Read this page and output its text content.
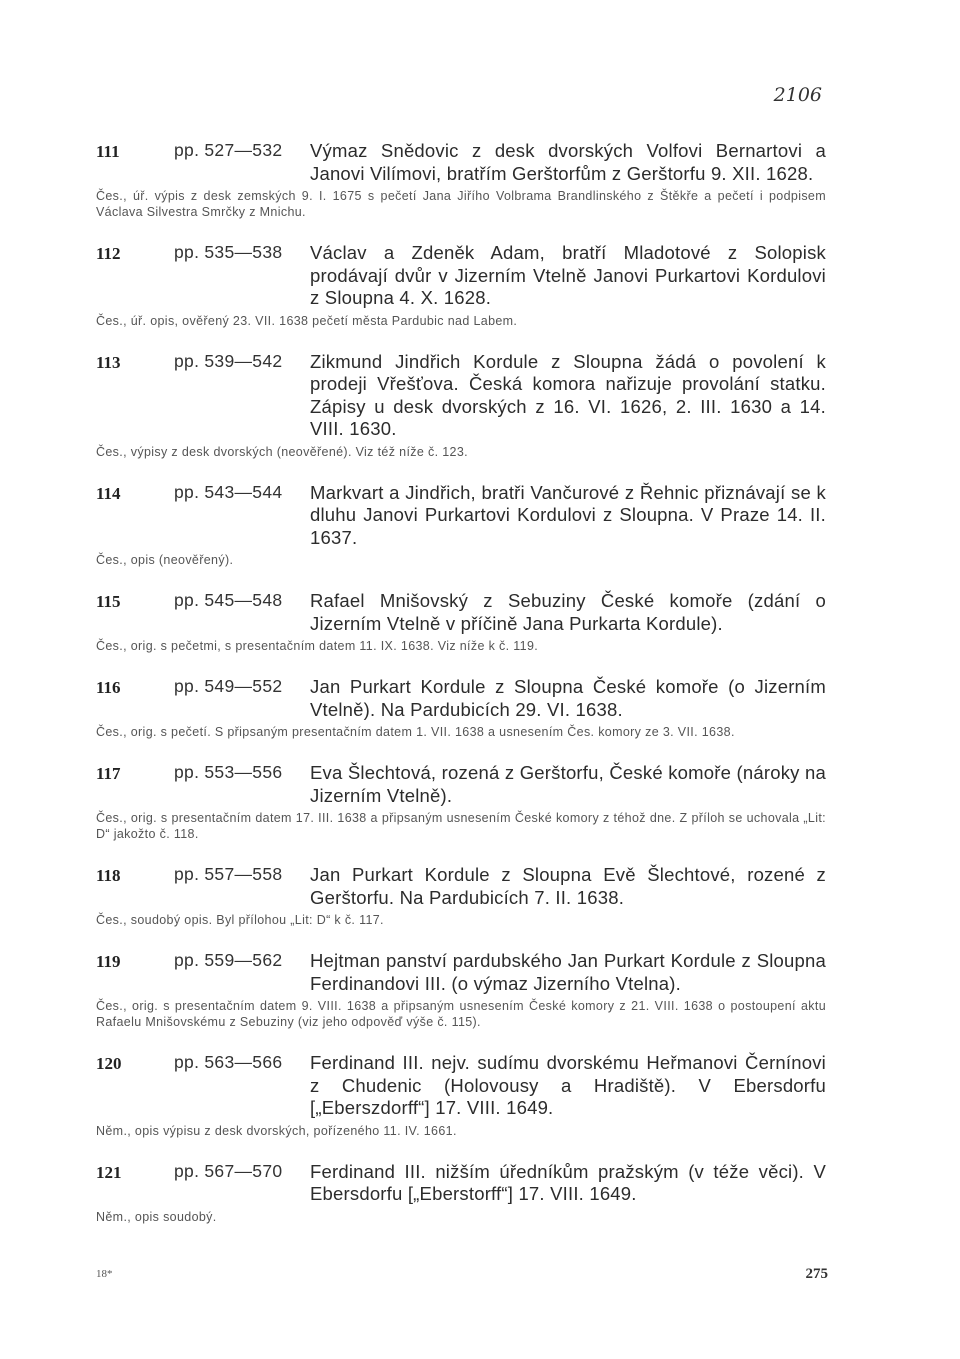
2106
111	pp. 527—532 Výmaz Snědovic z desk dvorských Volfovi Bernartovi a Janovi Vilímovi, bratřím Gerštorfům z Gerštorfu 9. XII. 1628.
Čes., úř. výpis z desk zemských 9. I. 1675 s pečetí Jana Jiřího Volbrama Brandlinského z Štěkře a pečetí i podpisem Václava Silvestra Smrčky z Mnichu.
112	pp. 535—538 Václav a Zdeněk Adam, bratří Mladotové z Solopisk prodávají dvůr v Jizerním Vtelně Janovi Purkartovi Kordulovi z Sloupna 4. X. 1628.
Čes., úř. opis, ověřený 23. VII. 1638 pečetí města Pardubic nad Labem.
113	pp. 539—542 Zikmund Jindřich Kordule z Sloupna žádá o povolení k prodeji Vřešťova. Česká komora nařizuje provolání statku. Zápisy u desk dvorských z 16. VI. 1626, 2. III. 1630 a 14. VIII. 1630.
Čes., výpisy z desk dvorských (neověřené). Viz též níže č. 123.
114	pp. 543—544 Markvart a Jindřich, bratři Vančurové z Řehnic přiznávají se k dluhu Janovi Purkartovi Kordulovi z Sloupna. V Praze 14. II. 1637.
Čes., opis (neověřený).
115	pp. 545—548 Rafael Mnišovský z Sebuziny České komoře (zdání o Jizerním Vtelně v příčině Jana Purkarta Kordule).
Čes., orig. s pečetmi, s presentačním datem 11. IX. 1638. Viz níže k č. 119.
116	pp. 549—552 Jan Purkart Kordule z Sloupna České komoře (o Jizerním Vtelně). Na Pardubicích 29. VI. 1638.
Čes., orig. s pečetí. S připsaným presentačním datem 1. VII. 1638 a usnesením Čes. komory ze 3. VII. 1638.
117	pp. 553—556 Eva Šlechtová, rozená z Gerštorfu, České komoře (nároky na Jizerním Vtelně).
Čes., orig. s presentačním datem 17. III. 1638 a připsaným usnesením České komory z téhož dne. Z příloh se uchovala „Lit: D“ jakožto č. 118.
118	pp. 557—558 Jan Purkart Kordule z Sloupna Evě Šlechtové, rozené z Gerštorfu. Na Pardubicích 7. II. 1638.
Čes., soudobý opis. Byl přílohou „Lit: D“ k č. 117.
119	pp. 559—562 Hejtman panství pardubského Jan Purkart Kordule z Sloupna Ferdinandovi III. (o výmaz Jizerního Vtelna).
Čes., orig. s presentačním datem 9. VIII. 1638 a připsaným usnesením České komory z 21. VIII. 1638 o postoupení aktu Rafaelu Mnišovskému z Sebuziny (viz jeho odpověď výše č. 115).
120	pp. 563—566 Ferdinand III. nejv. sudímu dvorskému Heřmanovi Černínovi z Chudenic (Holovousy a Hradiště). V Ebersdorfu [„Eberszdorff“] 17. VIII. 1649.
Něm., opis výpisu z desk dvorských, pořízeného 11. IV. 1661.
121	pp. 567—570 Ferdinand III. nižším úředníkům pražským (v téže věci). V Ebersdorfu [„Eberstorff“] 17. VIII. 1649.
Něm., opis soudobý.
18*	275
